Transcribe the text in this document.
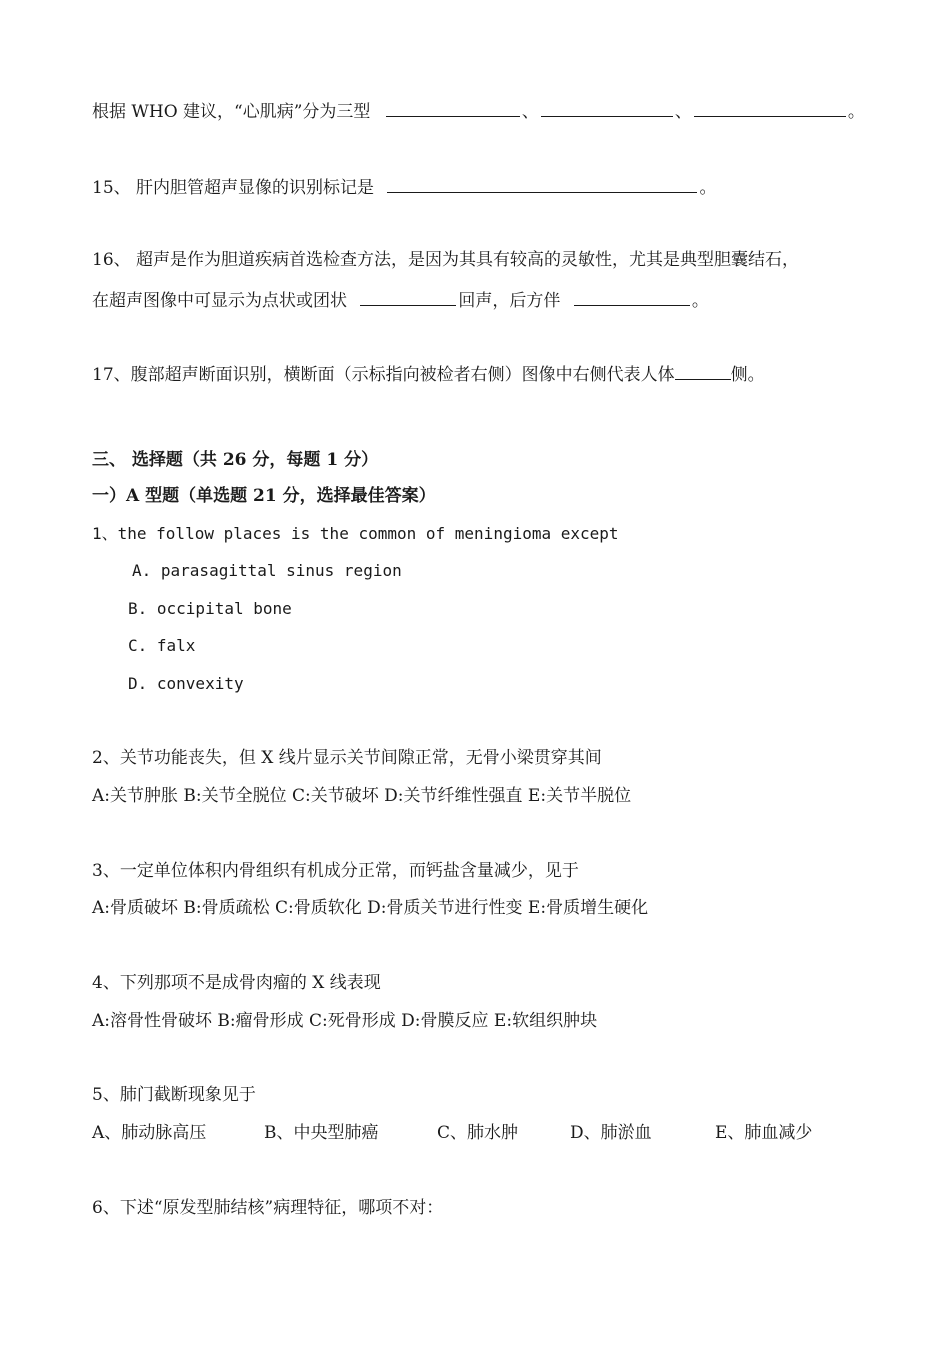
根据 WHO 建议，“心肌病”分为三型	、	、	。
15、 肝内胆管超声显像的识别标记是	。
16、 超声是作为胆道疾病首选检查方法，是因为其具有较高的灵敏性，尤其是典型胆囊结石，
在超声图像中可显示为点状或团状	回声，后方伴	。
17、腹部超声断面识别，横断面（示标指向被检者右侧）图像中右侧代表人体	侧。
三、 选择题（共 26 分，每题 1 分）
一）A 型题（单选题 21 分，选择最佳答案）
1、the follow places is the common of meningioma except
A. parasagittal sinus region
B. occipital bone
C. falx
D. convexity
2、关节功能丧失，但 X 线片显示关节间隙正常，无骨小梁贯穿其间
A:关节肿胀 B:关节全脱位 C:关节破坏 D:关节纤维性强直 E:关节半脱位
3、一定单位体积内骨组织有机成分正常，而钙盐含量减少，见于
A:骨质破坏 B:骨质疏松 C:骨质软化 D:骨质关节进行性变 E:骨质增生硬化
4、下列那项不是成骨肉瘤的 X 线表现
A:溶骨性骨破坏 B:瘤骨形成 C:死骨形成 D:骨膜反应 E:软组织肿块
5、肺门截断现象见于
A、肺动脉高压	B、中央型肺癌	C、肺水肿	D、肺淤血	E、肺血减少
6、下述“原发型肺结核”病理特征，哪项不对：
